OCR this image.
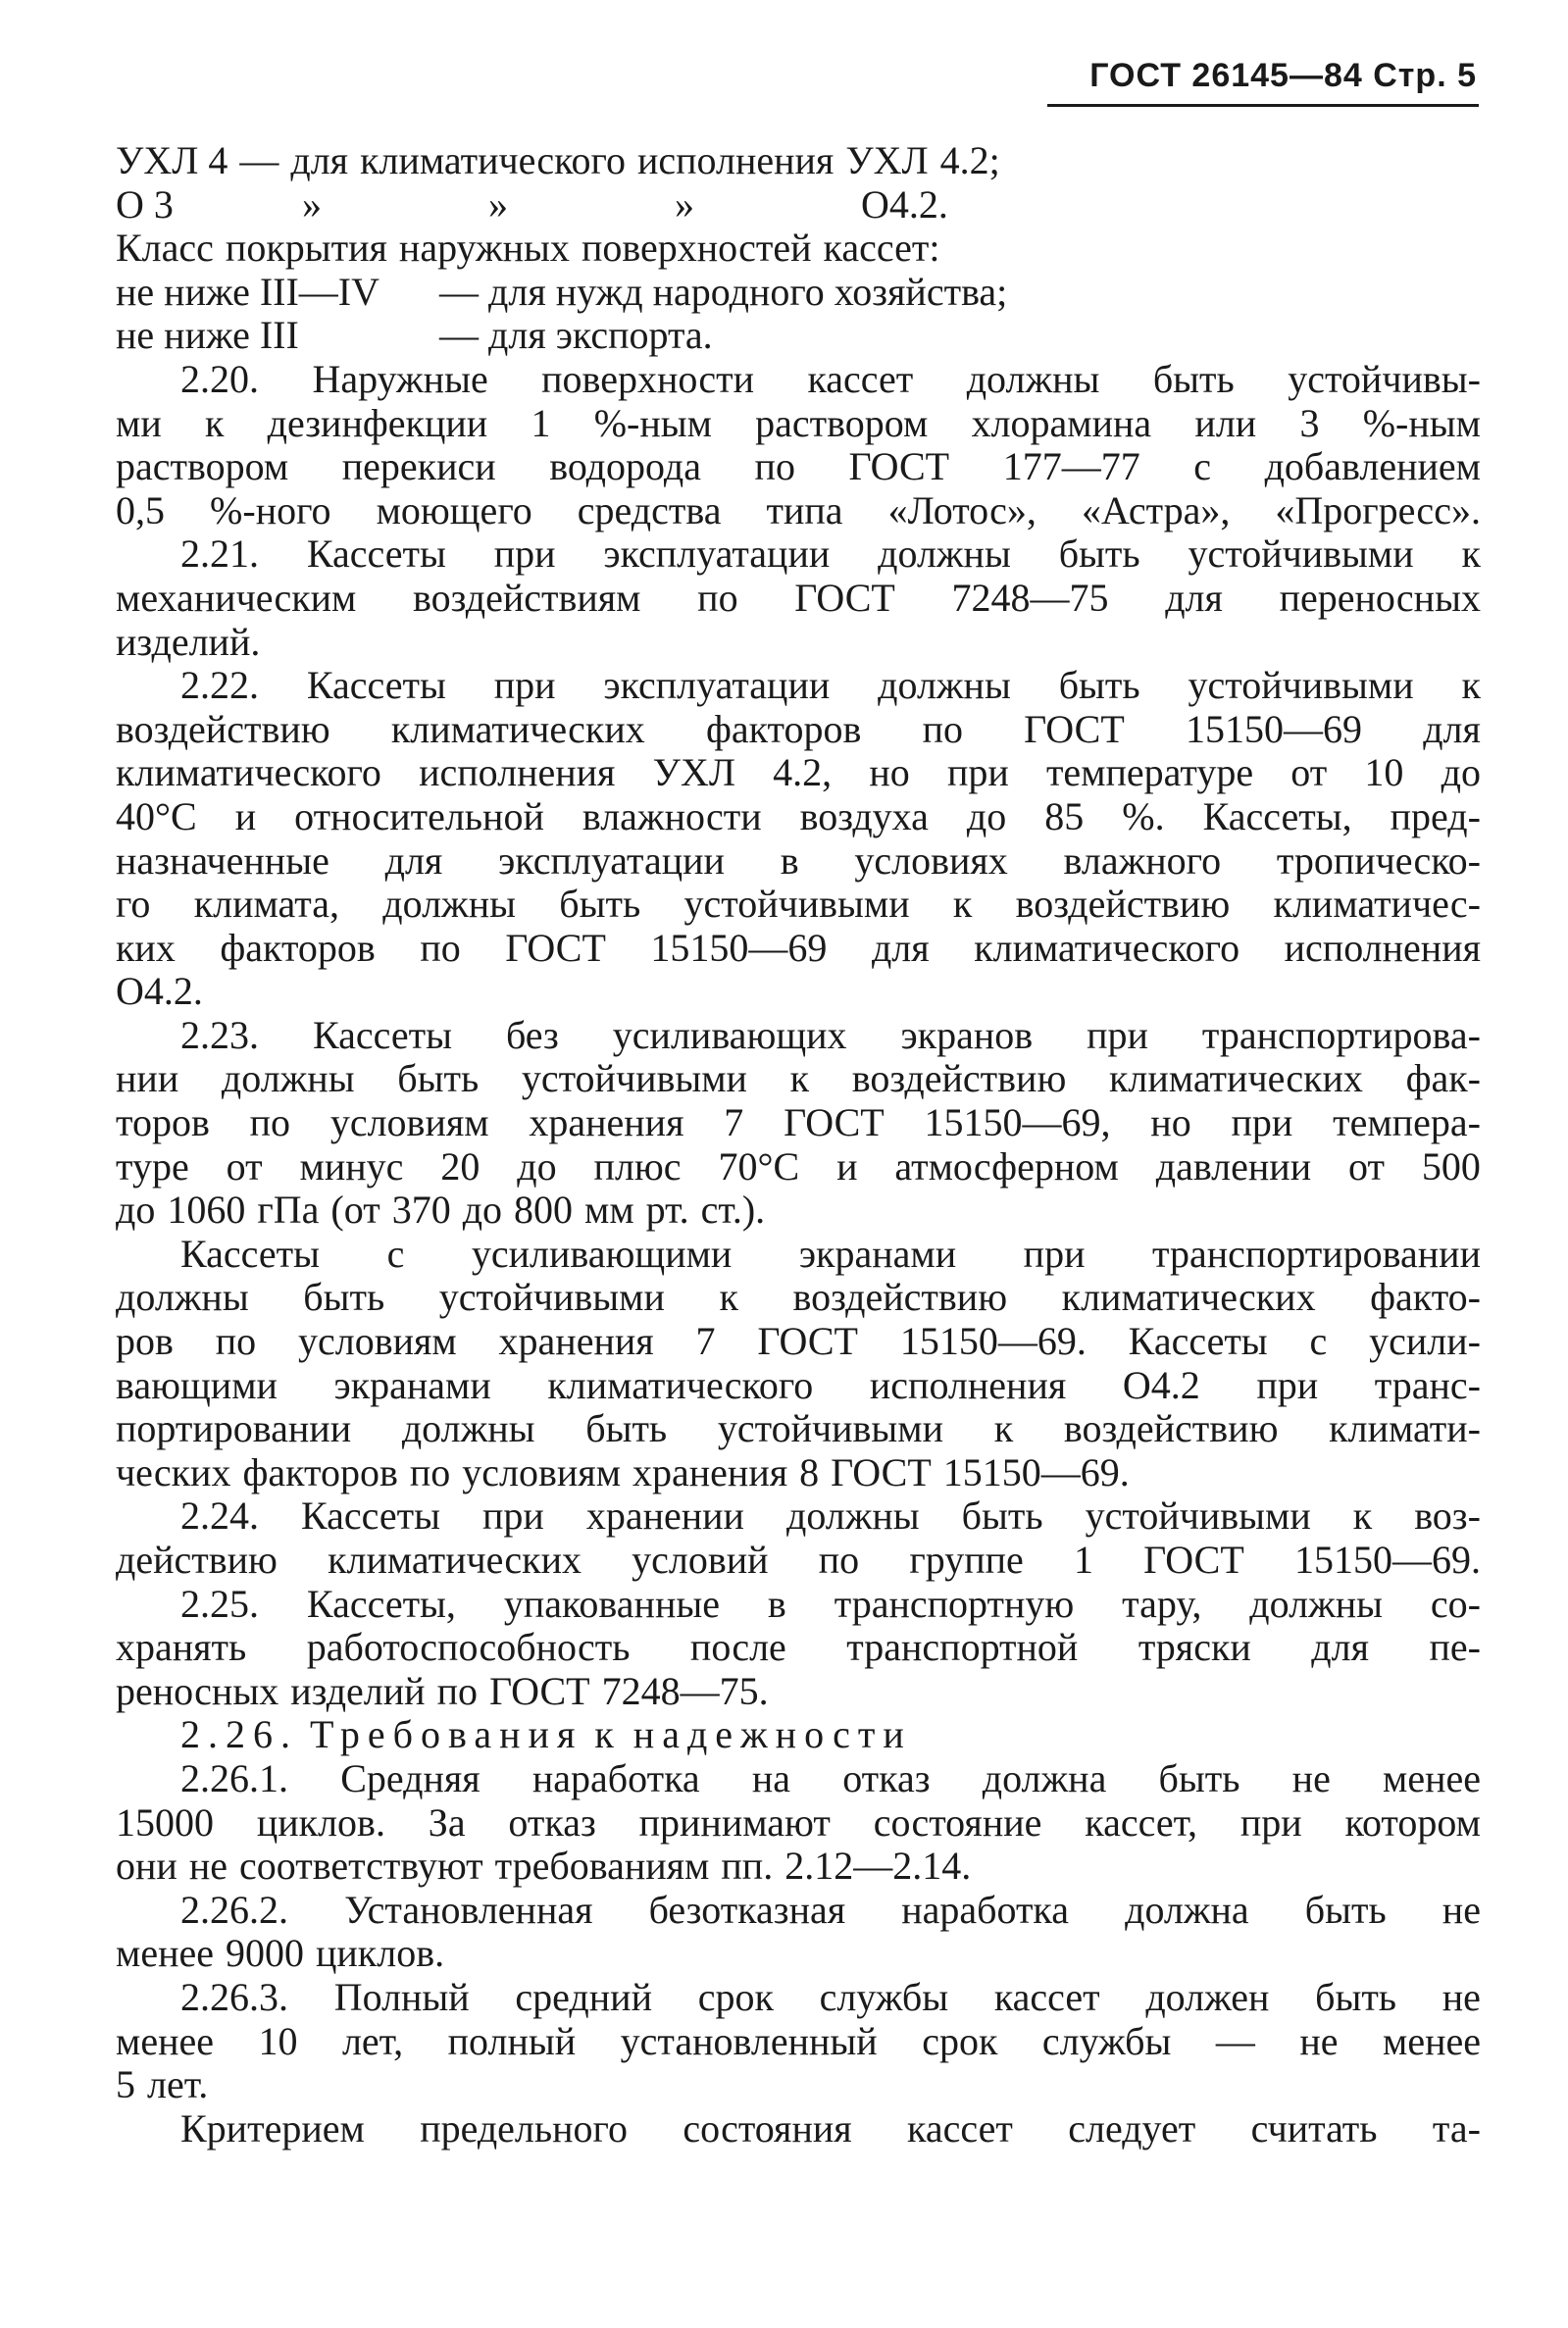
ГОСТ 26145—84 Стр. 5
УХЛ 4 — для климатического исполнения УХЛ 4.2;
О 3	»	»	»	О4.2.
Класс покрытия наружных поверхностей кассет:
не ниже III—IV	— для нужд народного хозяйства;
не ниже III	— для экспорта.
2.20. Наружные поверхности кассет должны быть устойчивы-
ми к дезинфекции 1 %-ным раствором хлорамина или 3 %-ным
раствором перекиси водорода по ГОСТ 177—77 с добавлением
0,5 %-ного моющего средства типа «Лотос», «Астра», «Прогресс».
2.21. Кассеты при эксплуатации должны быть устойчивыми к
механическим воздействиям по ГОСТ 7248—75 для переносных
изделий.
2.22. Кассеты при эксплуатации должны быть устойчивыми к
воздействию климатических факторов по ГОСТ 15150—69 для
климатического исполнения УХЛ 4.2, но при температуре от 10 до
40°С и относительной влажности воздуха до 85 %. Кассеты, пред-
назначенные для эксплуатации в условиях влажного тропическо-
го климата, должны быть устойчивыми к воздействию климатичес-
ких факторов по ГОСТ 15150—69 для климатического исполнения
О4.2.
2.23. Кассеты без усиливающих экранов при транспортирова-
нии должны быть устойчивыми к воздействию климатических фак-
торов по условиям хранения 7 ГОСТ 15150—69, но при темпера-
туре от минус 20 до плюс 70°С и атмосферном давлении от 500
до 1060 гПа (от 370 до 800 мм рт. ст.).
Кассеты с усиливающими экранами при транспортировании
должны быть устойчивыми к воздействию климатических факто-
ров по условиям хранения 7 ГОСТ 15150—69. Кассеты с усили-
вающими экранами климатического исполнения О4.2 при транс-
портировании должны быть устойчивыми к воздействию климати-
ческих факторов по условиям хранения 8 ГОСТ 15150—69.
2.24. Кассеты при хранении должны быть устойчивыми к воз-
действию климатических условий по группе 1 ГОСТ 15150—69.
2.25. Кассеты, упакованные в транспортную тару, должны со-
хранять работоспособность после транспортной тряски для пе-
реносных изделий по ГОСТ 7248—75.
2.26. Требования к надежности
2.26.1. Средняя наработка на отказ должна быть не менее
15000 циклов. За отказ принимают состояние кассет, при котором
они не соответствуют требованиям пп. 2.12—2.14.
2.26.2. Установленная безотказная наработка должна быть не
менее 9000 циклов.
2.26.3. Полный средний срок службы кассет должен быть не
менее 10 лет, полный установленный срок службы — не менее
5 лет.
Критерием предельного состояния кассет следует считать та-
